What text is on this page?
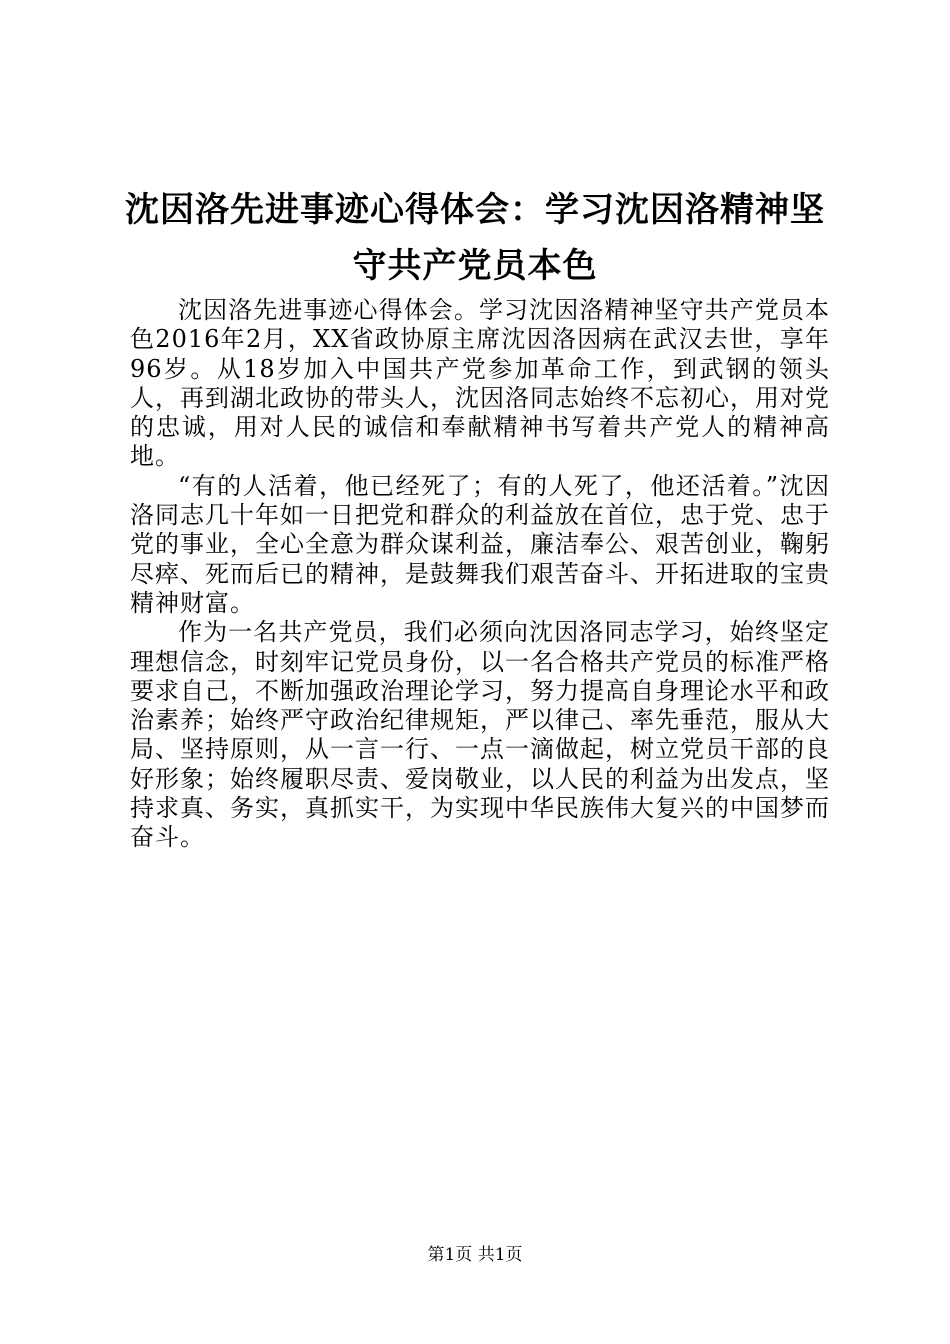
沈因洛先进事迹心得体会：学习沈因洛精神坚守共产党员本色

沈因洛先进事迹心得体会。学习沈因洛精神坚守共产党员本色2016年2月，XX省政协原主席沈因洛因病在武汉去世，享年96岁。从18岁加入中国共产党参加革命工作，到武钢的领头人，再到湖北政协的带头人，沈因洛同志始终不忘初心，用对党的忠诚，用对人民的诚信和奉献精神书写着共产党人的精神高地。

“有的人活着，他已经死了；有的人死了，他还活着。”沈因洛同志几十年如一日把党和群众的利益放在首位，忠于党、忠于党的事业，全心全意为群众谋利益，廉洁奉公、艰苦创业，鞠躬尽瘁、死而后已的精神，是鼓舞我们艰苦奋斗、开拓进取的宝贵精神财富。

作为一名共产党员，我们必须向沈因洛同志学习，始终坚定理想信念，时刻牢记党员身份，以一名合格共产党员的标准严格要求自己，不断加强政治理论学习，努力提高自身理论水平和政治素养；始终严守政治纪律规矩，严以律己、率先垂范，服从大局、坚持原则，从一言一行、一点一滴做起，树立党员干部的良好形象；始终履职尽责、爱岗敬业，以人民的利益为出发点，坚持求真、务实，真抓实干，为实现中华民族伟大复兴的中国梦而奋斗。

第1页 共1页
